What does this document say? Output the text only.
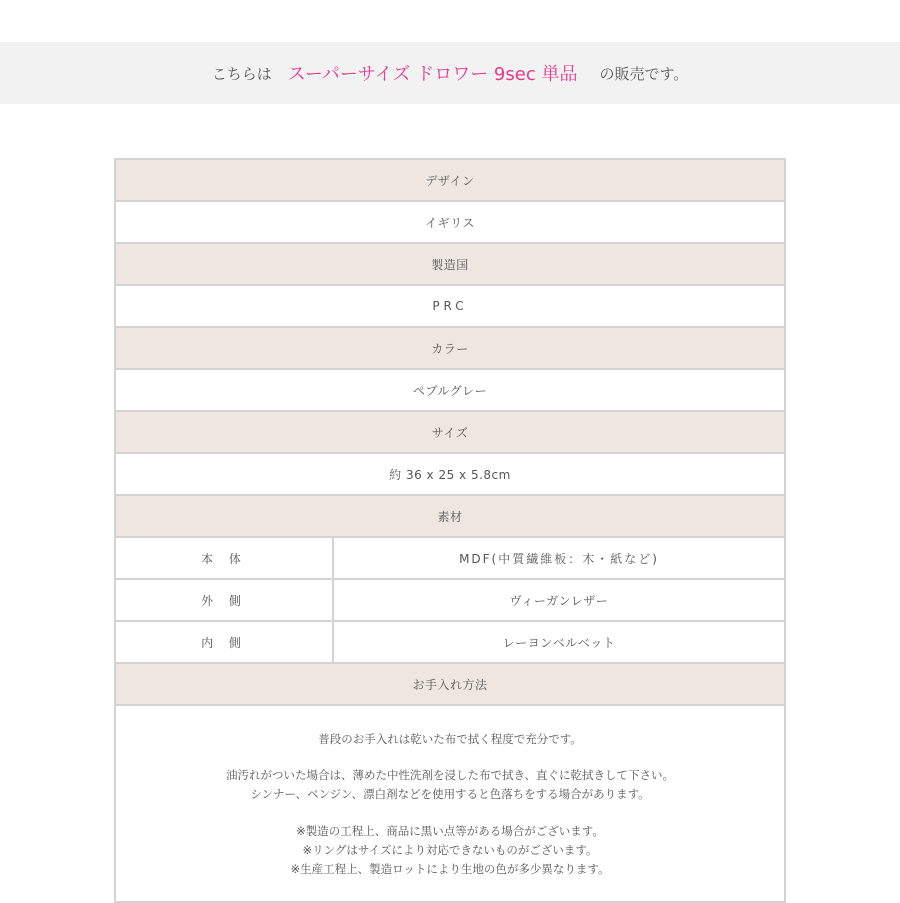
こちらは スーパーサイズ ドロワー 9sec 単品 の販売です。
デザイン
イギリス
製造国
PRC
カラー
ペブルグレー
サイズ
約 36 x 25 x 5.8cm
素材
本 体	MDF(中質繊維板：木・紙など)
外 側	ヴィーガンレザー
内 側	レーヨンベルベット
お手入れ方法

普段のお手入れは乾いた布で拭く程度で充分です。

油汚れがついた場合は、薄めた中性洗剤を浸した布で拭き、直ぐに乾拭きして下さい。

シンナー、ベンジン、漂白剤などを使用すると色落ちをする場合があります。

※製造の工程上、商品に黒い点等がある場合がございます。

※リングはサイズにより対応できないものがございます。

※生産工程上、製造ロットにより生地の色が多少異なります。
